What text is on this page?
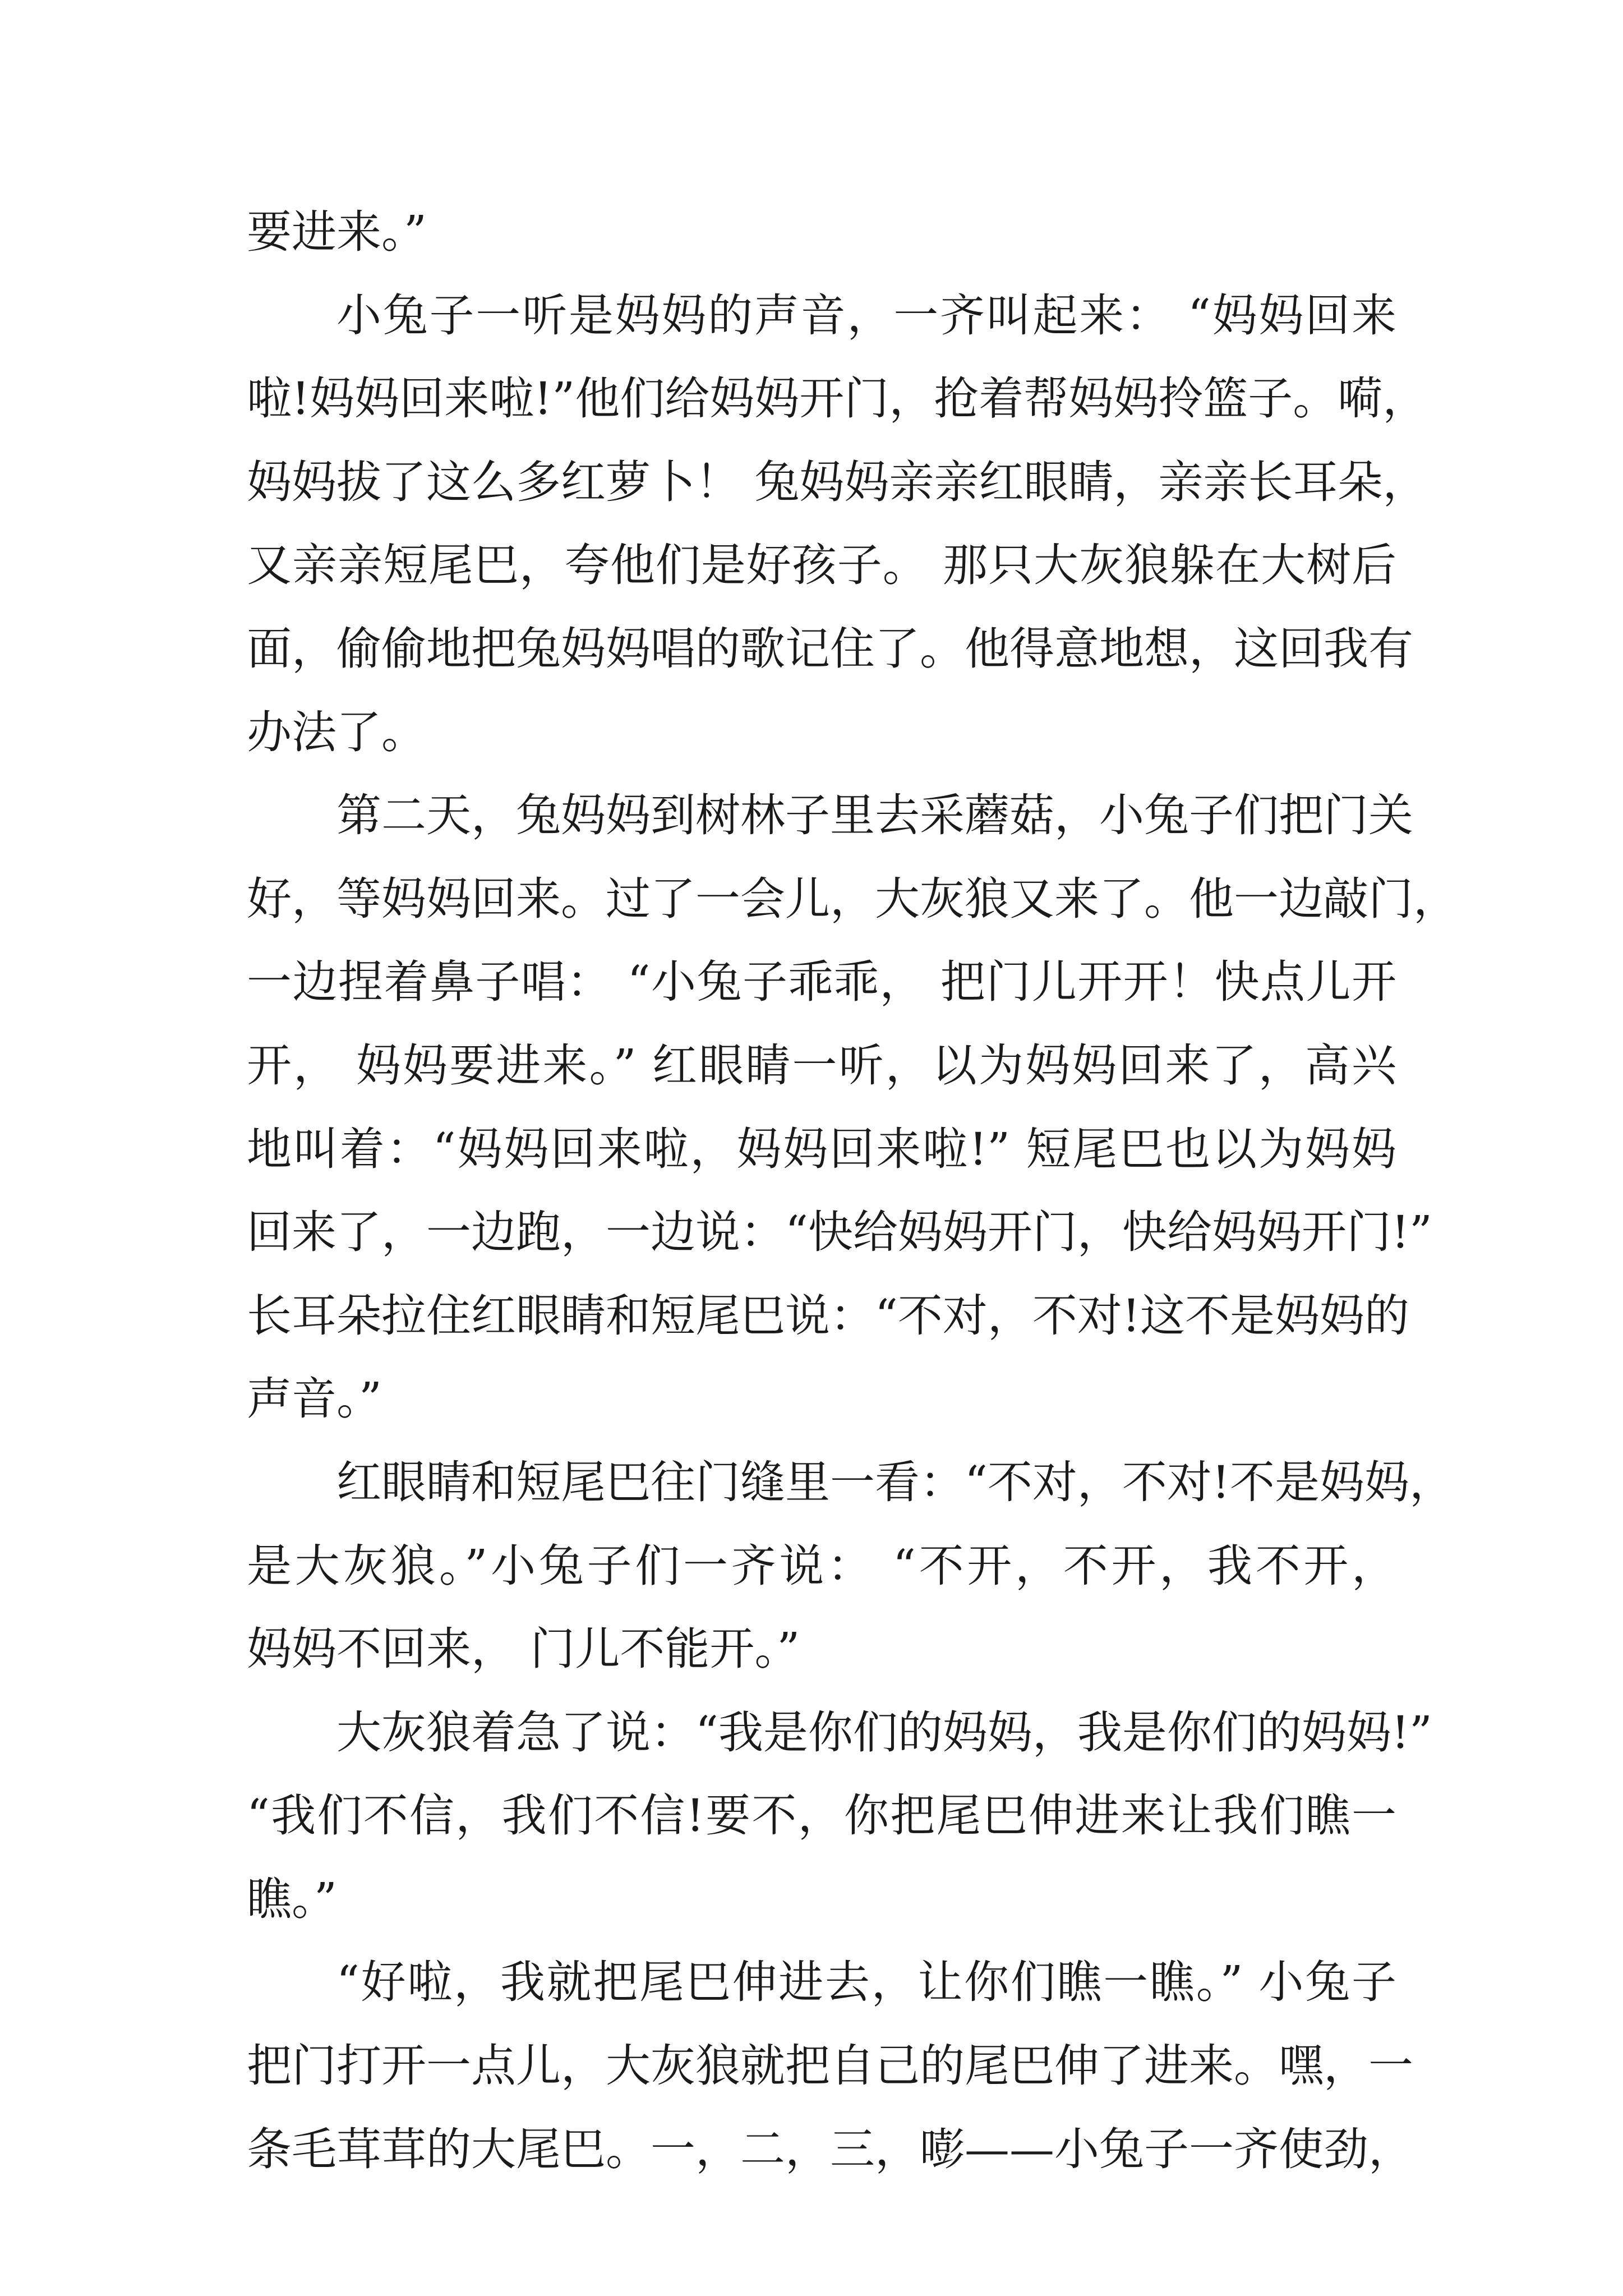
要进来。”
小兔子一听是妈妈的声音，一齐叫起来： “妈妈回来
啦!妈妈回来啦!”他们给妈妈开门，抢着帮妈妈拎篮子。嗬，
妈妈拔了这么多红萝卜！ 兔妈妈亲亲红眼睛，亲亲长耳朵，
又亲亲短尾巴，夸他们是好孩子。 那只大灰狼躲在大树后
面，偷偷地把兔妈妈唱的歌记住了。他得意地想，这回我有
办法了。
第二天，兔妈妈到树林子里去采蘑菇，小兔子们把门关
好，等妈妈回来。过了一会儿，大灰狼又来了。他一边敲门，
一边捏着鼻子唱： “小兔子乖乖， 把门儿开开！快点儿开
开， 妈妈要进来。” 红眼睛一听，以为妈妈回来了，高兴
地叫着：“妈妈回来啦，妈妈回来啦!” 短尾巴也以为妈妈
回来了，一边跑，一边说：“快给妈妈开门，快给妈妈开门!”
长耳朵拉住红眼睛和短尾巴说：“不对，不对!这不是妈妈的
声音。”
红眼睛和短尾巴往门缝里一看：“不对，不对!不是妈妈，
是大灰狼。”小兔子们一齐说： “不开，不开，我不开，
妈妈不回来， 门儿不能开。”
大灰狼着急了说：“我是你们的妈妈，我是你们的妈妈!”
“我们不信，我们不信!要不，你把尾巴伸进来让我们瞧一
瞧。”
“好啦，我就把尾巴伸进去，让你们瞧一瞧。” 小兔子
把门打开一点儿，大灰狼就把自己的尾巴伸了进来。嘿，一
条毛茸茸的大尾巴。一，二，三，嘭——小兔子一齐使劲，
